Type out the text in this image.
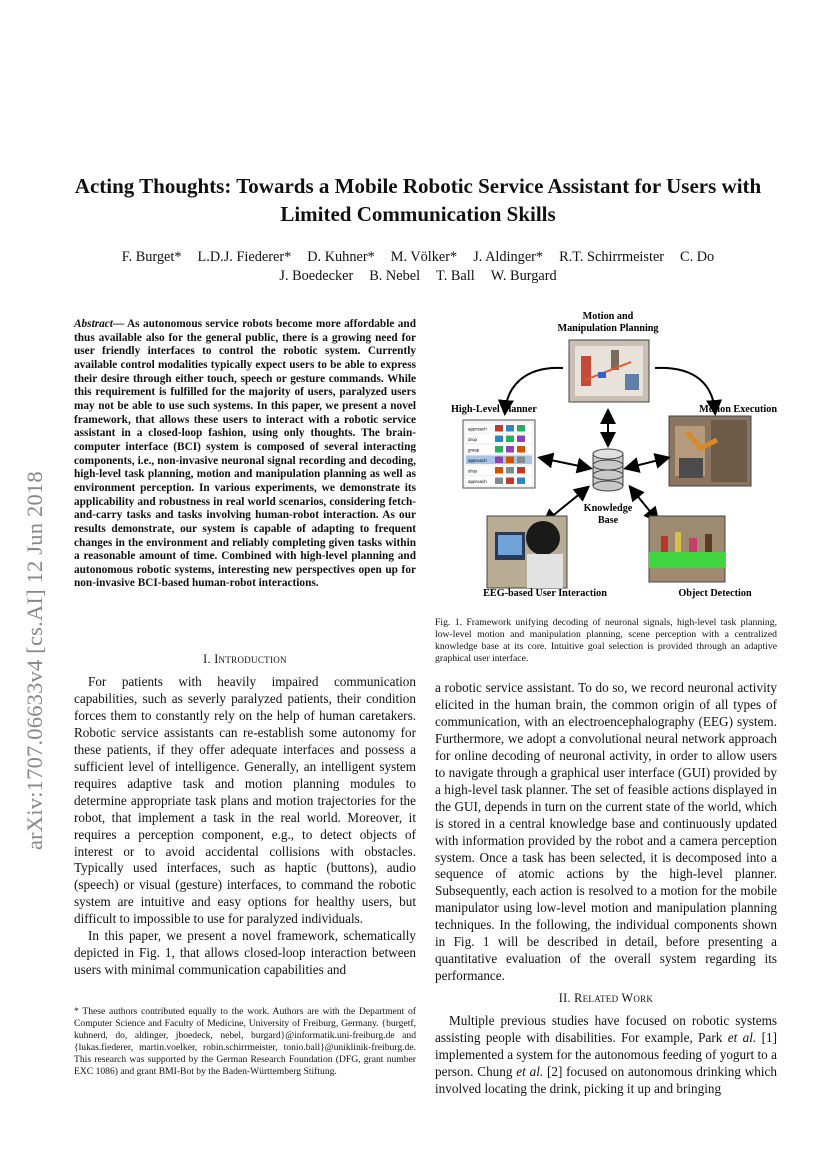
Acting Thoughts: Towards a Mobile Robotic Service Assistant for Users with Limited Communication Skills
F. Burget* L.D.J. Fiederer* D. Kuhner* M. Völker* J. Aldinger* R.T. Schirrmeister C. Do
J. Boedecker B. Nebel T. Ball W. Burgard
arXiv:1707.06633v4 [cs.AI] 12 Jun 2018
Abstract— As autonomous service robots become more affordable and thus available also for the general public, there is a growing need for user friendly interfaces to control the robotic system. Currently available control modalities typically expect users to be able to express their desire through either touch, speech or gesture commands. While this requirement is fulfilled for the majority of users, paralyzed users may not be able to use such systems. In this paper, we present a novel framework, that allows these users to interact with a robotic service assistant in a closed-loop fashion, using only thoughts. The brain-computer interface (BCI) system is composed of several interacting components, i.e., non-invasive neuronal signal recording and decoding, high-level task planning, motion and manipulation planning as well as environment perception. In various experiments, we demonstrate its applicability and robustness in real world scenarios, considering fetch-and-carry tasks and tasks involving human-robot interaction. As our results demonstrate, our system is capable of adapting to frequent changes in the environment and reliably completing given tasks within a reasonable amount of time. Combined with high-level planning and autonomous robotic systems, interesting new perspectives open up for non-invasive BCI-based human-robot interactions.
I. Introduction

For patients with heavily impaired communication capabilities, such as severly paralyzed patients, their condition forces them to constantly rely on the help of human caretakers. Robotic service assistants can re-establish some autonomy for these patients, if they offer adequate interfaces and possess a sufficient level of intelligence. Generally, an intelligent system requires adaptive task and motion planning modules to determine appropriate task plans and motion trajectories for the robot, that implement a task in the real world. Moreover, it requires a perception component, e.g., to detect objects of interest or to avoid accidental collisions with obstacles. Typically used interfaces, such as haptic (buttons), audio (speech) or visual (gesture) interfaces, to command the robotic system are intuitive and easy options for healthy users, but difficult to impossible to use for paralyzed individuals.

In this paper, we present a novel framework, schematically depicted in Fig. 1, that allows closed-loop interaction between users with minimal communication capabilities and

* These authors contributed equally to the work. Authors are with the Department of Computer Science and Faculty of Medicine, University of Freiburg, Germany. {burgetf, kuhnerd, do, aldinger, jboedeck, nebel, burgard}@informatik.uni-freiburg.de and {lukas.fiederer, martin.voelker, robin.schirrmeister, tonio.ball}@uniklinik-freiburg.de. This research was supported by the German Research Foundation (DFG, grant number EXC 1086) and grant BMI-Bot by the Baden-Württemberg Stiftung.
approach
drop
grasp
approach
drop
approach
Motion and Manipulation Planning
High-Level Planner	Motion Execution
Knowledge Base
EEG-based User Interaction	Object Detection
Fig. 1. Framework unifying decoding of neuronal signals, high-level task planning, low-level motion and manipulation planning, scene perception with a centralized knowledge base at its core. Intuitive goal selection is provided through an adaptive graphical user interface.

a robotic service assistant. To do so, we record neuronal activity elicited in the human brain, the common origin of all types of communication, with an electroencephalography (EEG) system. Furthermore, we adopt a convolutional neural network approach for online decoding of neuronal activity, in order to allow users to navigate through a graphical user interface (GUI) provided by a high-level task planner. The set of feasible actions displayed in the GUI, depends in turn on the current state of the world, which is stored in a central knowledge base and continuously updated with information provided by the robot and a camera perception system. Once a task has been selected, it is decomposed into a sequence of atomic actions by the high-level planner. Subsequently, each action is resolved to a motion for the mobile manipulator using low-level motion and manipulation planning techniques. In the following, the individual components shown in Fig. 1 will be described in detail, before presenting a quantitative evaluation of the overall system regarding its performance.

II. Related Work

Multiple previous studies have focused on robotic systems assisting people with disabilities. For example, Park et al. [1] implemented a system for the autonomous feeding of yogurt to a person. Chung et al. [2] focused on autonomous drinking which involved locating the drink, picking it up and bringing
